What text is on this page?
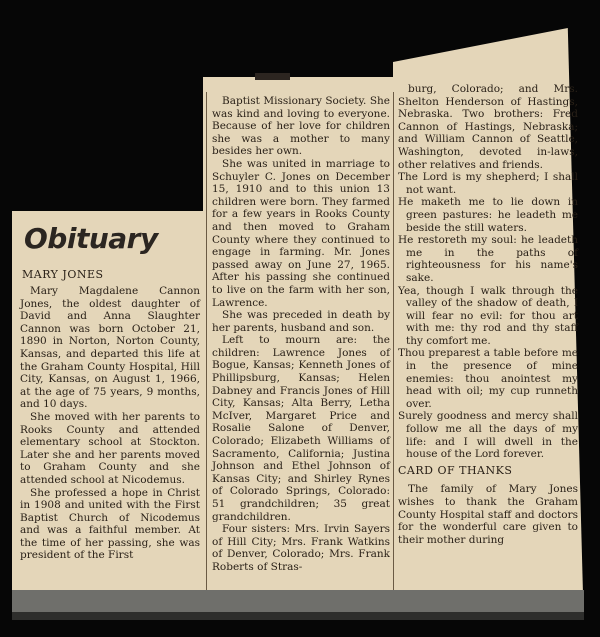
Obituary
MARY JONES

Mary Magdalene Cannon Jones, the oldest daughter of David and Anna Slaughter Cannon was born October 21, 1890 in Norton, Norton County, Kansas, and departed this life at the Graham County Hospital, Hill City, Kansas, on August 1, 1966, at the age of 75 years, 9 months, and 10 days.

She moved with her parents to Rooks County and attended elementary school at Stockton. Later she and her parents moved to Graham County and she attended school at Nicodemus.

She professed a hope in Christ in 1908 and united with the First Baptist Church of Nicodemus and was a faithful member. At the time of her passing, she was president of the First

Baptist Missionary Society. She was kind and loving to everyone. Because of her love for children she was a mother to many besides her own.

She was united in marriage to Schuyler C. Jones on December 15, 1910 and to this union 13 children were born. They farmed for a few years in Rooks County and then moved to Graham County where they continued to engage in farming. Mr. Jones passed away on June 27, 1965. After his passing she continued to live on the farm with her son, Lawrence.

She was preceded in death by her parents, husband and son.

Left to mourn are: the children: Lawrence Jones of Bogue, Kansas; Kenneth Jones of Phillipsburg, Kansas; Helen Dabney and Francis Jones of Hill City, Kansas; Alta Berry, Letha McIver, Margaret Price and Rosalie Salone of Denver, Colorado; Elizabeth Williams of Sacramento, California; Justina Johnson and Ethel Johnson of Kansas City; and Shirley Rynes of Colorado Springs, Colorado: 51 grandchildren; 35 great grandchildren.

Four sisters: Mrs. Irvin Sayers of Hill City; Mrs. Frank Watkins of Denver, Colorado; Mrs. Frank Roberts of Stras-

burg, Colorado; and Mrs. Shelton Henderson of Hastings, Nebraska. Two brothers: Fred Cannon of Hastings, Nebraska; and William Cannon of Seattle, Washington, devoted in-laws, other relatives and friends.

The Lord is my shepherd; I shall not want.

He maketh me to lie down in green pastures: he leadeth me beside the still waters.

He restoreth my soul: he leadeth me in the paths of righteousness for his name's sake.

Yea, though I walk through the valley of the shadow of death, I will fear no evil: for thou art with me: thy rod and thy staff thy comfort me.

Thou preparest a table before me in the presence of mine enemies: thou anointest my head with oil; my cup runneth over.

Surely goodness and mercy shall follow me all the days of my life: and I will dwell in the house of the Lord forever.

CARD OF THANKS

The family of Mary Jones wishes to thank the Graham County Hospital staff and doctors for the wonderful care given to their mother during
